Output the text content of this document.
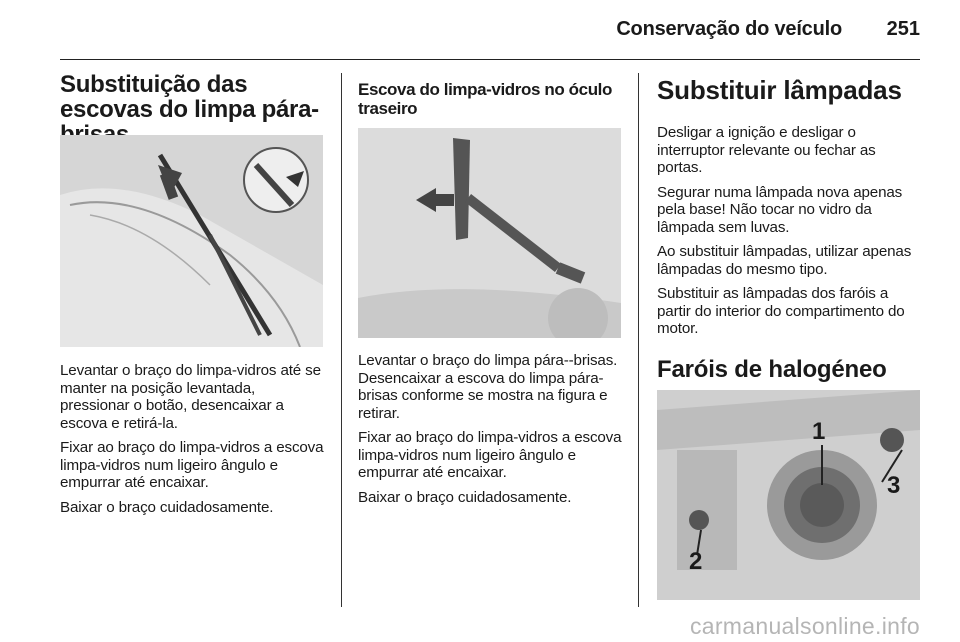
Conservação do veículo 251
Substituição das escovas do limpa pára-

Levantar o braço do limpa-vidros até se manter na posição levantada, pressionar o botão, desencaixar a escova e retirá-la.

Fixar ao braço do limpa-vidros a escova limpa-vidros num ligeiro ângulo e empurrar até encaixar.

Baixar o braço cuidadosamente.

Escova do limpa-vidros no óculo traseiro

Levantar o braço do limpa pára--brisas. Desencaixar a escova do limpa pára-brisas conforme se mostra na figura e retirar.

Fixar ao braço do limpa-vidros a escova limpa-vidros num ligeiro ângulo e empurrar até encaixar.

Baixar o braço cuidadosamente.

Substituir lâmpadas

Desligar a ignição e desligar o interruptor relevante ou fechar as portas.

Segurar numa lâmpada nova apenas pela base! Não tocar no vidro da lâmpada sem luvas.

Ao substituir lâmpadas, utilizar apenas lâmpadas do mesmo tipo.

Substituir as lâmpadas dos faróis a partir do interior do compartimento do motor.

Faróis de halogéneo
1
2
3
carmanualsonline.info
